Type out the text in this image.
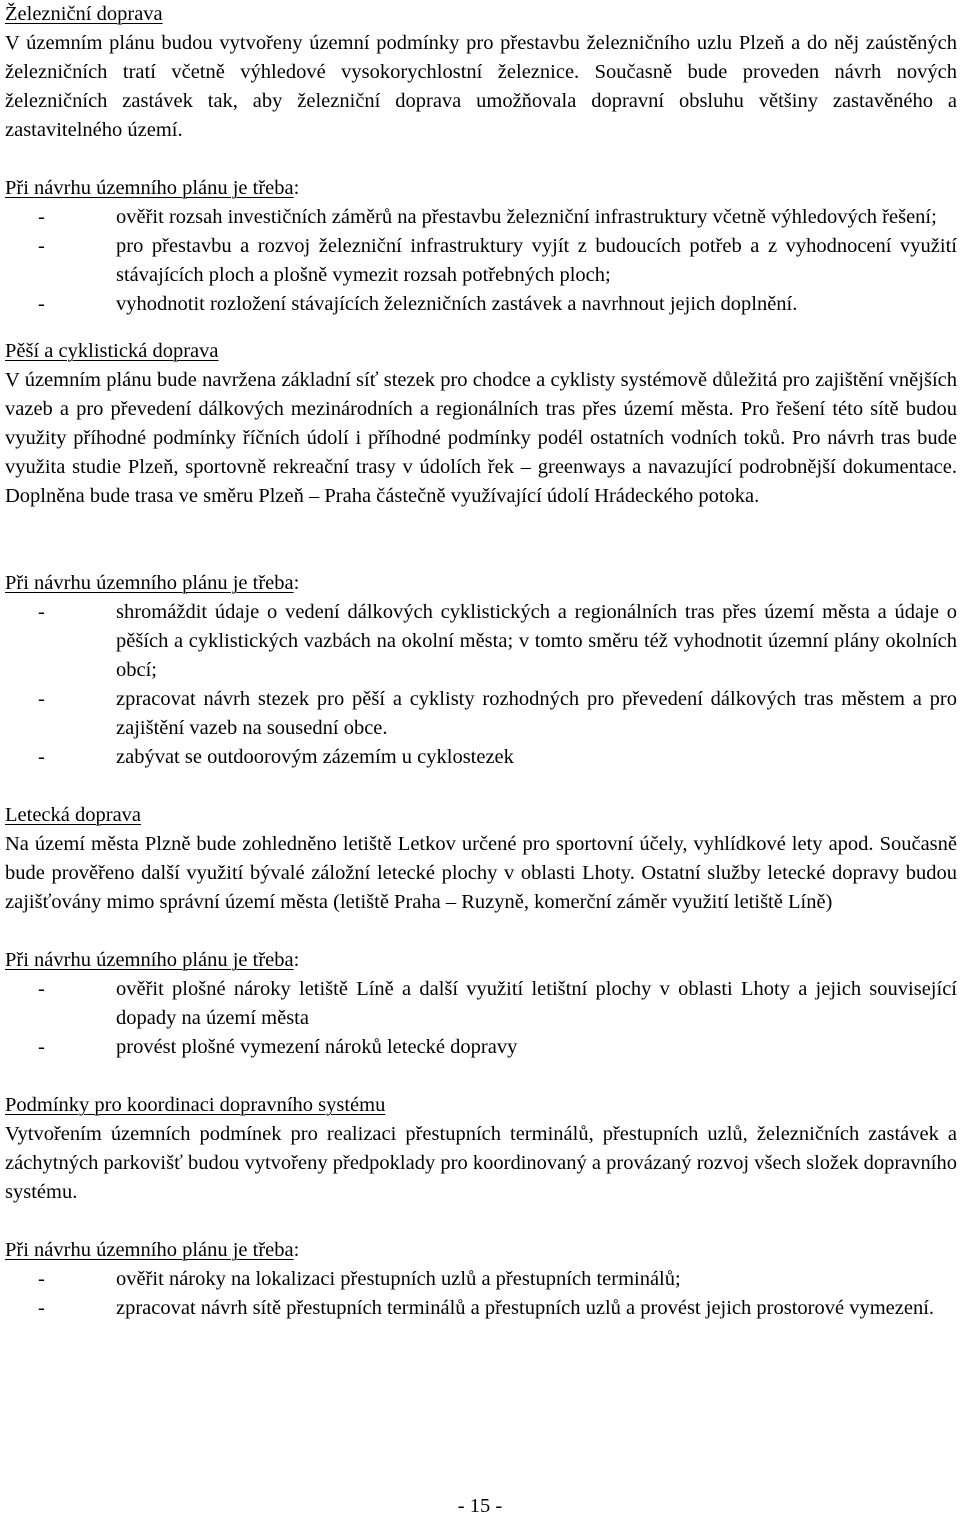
Železniční doprava

V územním plánu budou vytvořeny územní podmínky pro přestavbu železničního uzlu Plzeň a do něj zaústěných železničních tratí včetně výhledové vysokorychlostní železnice. Současně bude proveden návrh nových železničních zastávek tak, aby železniční doprava umožňovala dopravní obsluhu většiny zastavěného a zastavitelného území.

Při návrhu územního plánu je třeba:
-	ověřit rozsah investičních záměrů na přestavbu železniční infrastruktury včetně výhledových řešení;
-	pro přestavbu a rozvoj železniční infrastruktury vyjít z budoucích potřeb a z vyhodnocení využití stávajících ploch a plošně vymezit rozsah potřebných ploch;
-	vyhodnotit rozložení stávajících železničních zastávek a navrhnout jejich doplnění.
Pěší a cyklistická doprava

V územním plánu bude navržena základní síť stezek pro chodce a cyklisty systémově důležitá pro zajištění vnějších vazeb a pro převedení dálkových mezinárodních a regionálních tras přes území města. Pro řešení této sítě budou využity příhodné podmínky říčních údolí i příhodné podmínky podél ostatních vodních toků. Pro návrh tras bude využita studie Plzeň, sportovně rekreační trasy v údolích řek – greenways a navazující podrobnější dokumentace. Doplněna bude trasa ve směru Plzeň – Praha částečně využívající údolí Hrádeckého potoka.

Při návrhu územního plánu je třeba:
-	shromáždit údaje o vedení dálkových cyklistických a regionálních tras přes území města a údaje o pěších a cyklistických vazbách na okolní města; v tomto směru též vyhodnotit územní plány okolních obcí;
-	zpracovat návrh stezek pro pěší a cyklisty rozhodných pro převedení dálkových tras městem a pro zajištění vazeb na sousední obce.
-	zabývat se outdoorovým zázemím u cyklostezek
Letecká doprava

Na území města Plzně bude zohledněno letiště Letkov určené pro sportovní účely, vyhlídkové lety apod. Současně bude prověřeno další využití bývalé záložní letecké plochy v oblasti Lhoty. Ostatní služby letecké dopravy budou zajišťovány mimo správní území města (letiště Praha – Ruzyně, komerční záměr využití letiště Líně)

Při návrhu územního plánu je třeba:
-	ověřit plošné nároky letiště Líně a další využití letištní plochy v oblasti Lhoty a jejich související dopady na území města
-	provést plošné vymezení nároků letecké dopravy
Podmínky pro koordinaci dopravního systému

Vytvořením územních podmínek pro realizaci přestupních terminálů, přestupních uzlů, železničních zastávek a záchytných parkovišť budou vytvořeny předpoklady pro koordinovaný a provázaný rozvoj všech složek dopravního systému.

Při návrhu územního plánu je třeba:
-	ověřit nároky na lokalizaci přestupních uzlů a přestupních terminálů;
-	zpracovat návrh sítě přestupních terminálů a přestupních uzlů a provést jejich prostorové vymezení.
- 15 -
